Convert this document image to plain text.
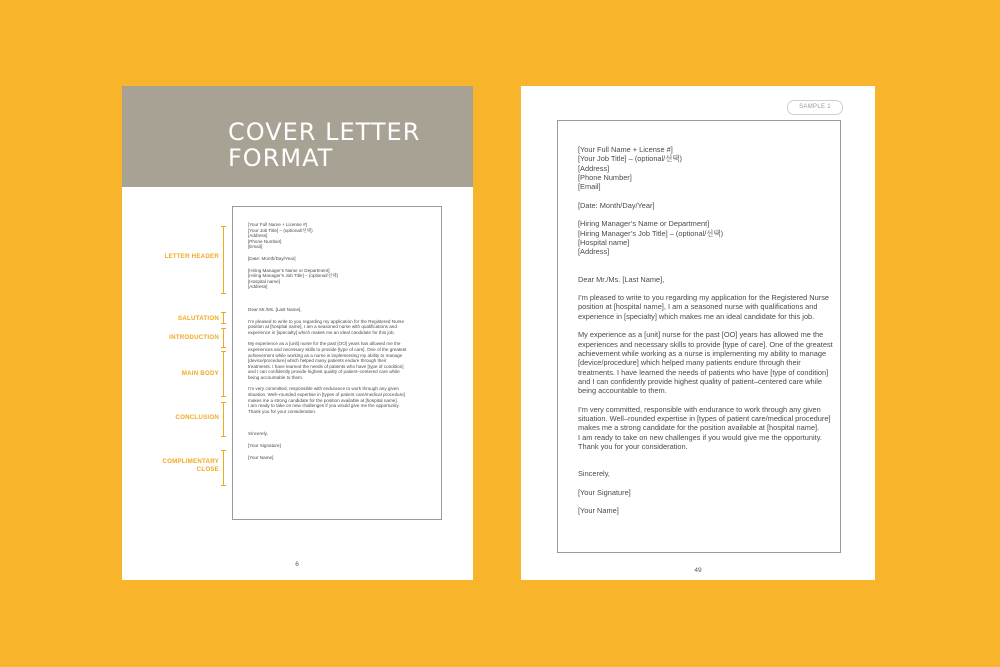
COVER LETTER
FORMAT
LETTER HEADER
SALUTATION
INTRODUCTION
MAIN BODY
CONCLUSION
COMPLIMENTARY
CLOSE
[Your Full Name + License #]
[Your Job Title] – (optional/선택)
[Address]
[Phone Number]
[Email]
[Date: Month/Day/Year]
[Hiring Manager’s Name or Department]
[Hiring Manager’s Job Title] – (optional/선택)
[Hospital name]
[Address]
Dear Mr./Ms. [Last Name],
I’m pleased to write to you regarding my application for the Registered Nurse
position at [hospital name], I am a seasoned nurse with qualifications and
experience in [specialty] which makes me an ideal candidate for this job.
My experience as a [unit] nurse for the past [OO] years has allowed me the
experiences and necessary skills to provide [type of care]. One of the greatest
achievement while working as a nurse is implementing my ability to manage
[device/procedure] which helped many patients endure through their
treatments. I have learned the needs of patients who have [type of condition]
and I can confidently provide highest quality of patient–centered care while
being accountable to them.
I’m very committed, responsible with endurance to work through any given
situation. Well–rounded expertise in [types of patient care/medical procedure]
makes me a strong candidate for the position available at [hospital name].
I am ready to take on new challenges if you would give me the opportunity.
Thank you for your consideration.
Sincerely,
[Your Signature]
[Your Name]
6
SAMPLE 1
[Your Full Name + License #]
[Your Job Title] – (optional/선택)
[Address]
[Phone Number]
[Email]
[Date: Month/Day/Year]
[Hiring Manager’s Name or Department]
[Hiring Manager’s Job Title] – (optional/선택)
[Hospital name]
[Address]
Dear Mr./Ms. [Last Name],
I’m pleased to write to you regarding my application for the Registered Nurse
position at [hospital name], I am a seasoned nurse with qualifications and
experience in [specialty] which makes me an ideal candidate for this job.
My experience as a [unit] nurse for the past [OO] years has allowed me the
experiences and necessary skills to provide [type of care]. One of the greatest
achievement while working as a nurse is implementing my ability to manage
[device/procedure] which helped many patients endure through their
treatments. I have learned the needs of patients who have [type of condition]
and I can confidently provide highest quality of patient–centered care while
being accountable to them.
I’m very committed, responsible with endurance to work through any given
situation. Well–rounded expertise in [types of patient care/medical procedure]
makes me a strong candidate for the position available at [hospital name].
I am ready to take on new challenges if you would give me the opportunity.
Thank you for your consideration.
Sincerely,
[Your Signature]
[Your Name]
49
